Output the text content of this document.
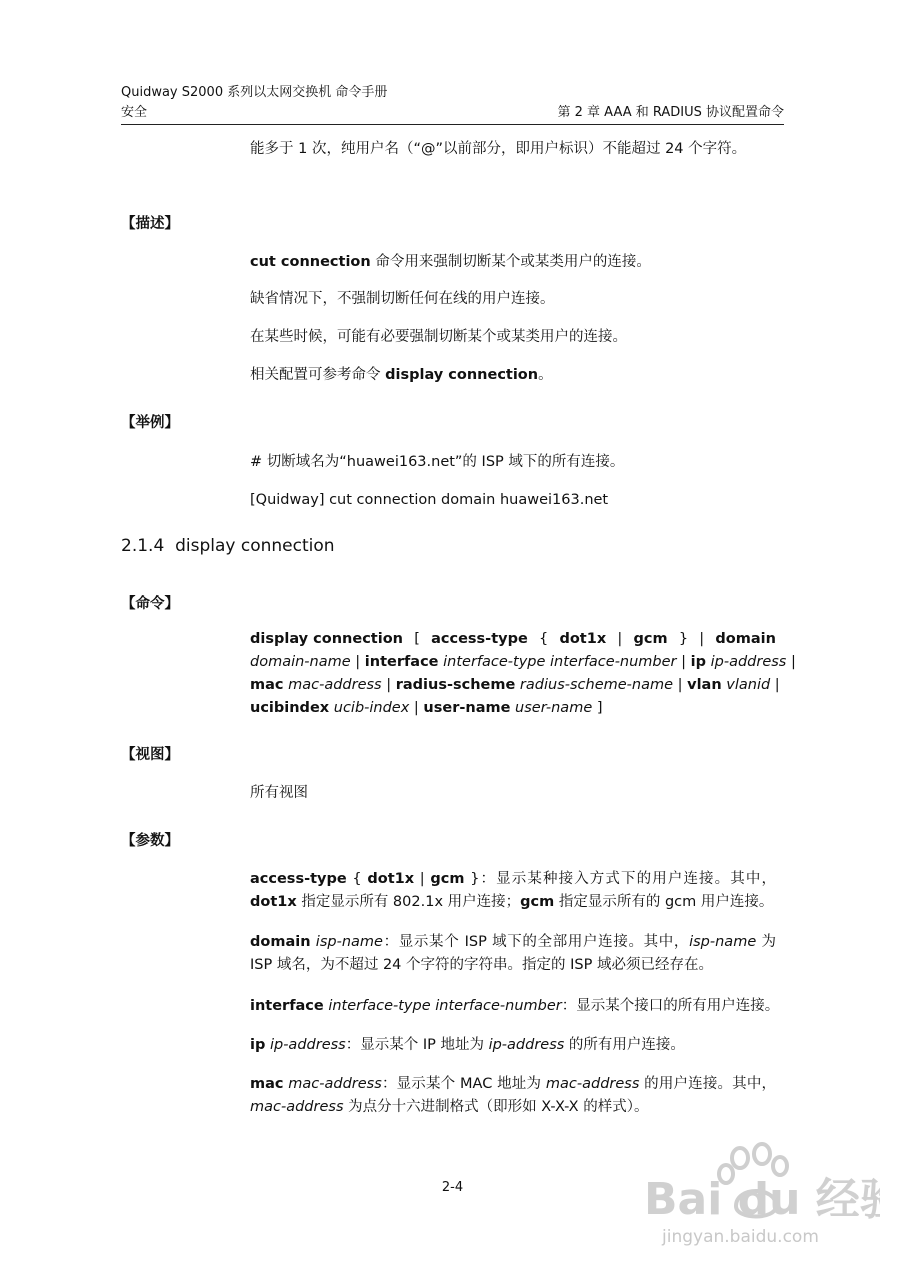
Quidway S2000 系列以太网交换机 命令手册
安全	第 2 章 AAA 和 RADIUS 协议配置命令
能多于 1 次，纯用户名（“@”以前部分，即用户标识）不能超过 24 个字符。
【描述】
cut connection 命令用来强制切断某个或某类用户的连接。
缺省情况下，不强制切断任何在线的用户连接。
在某些时候，可能有必要强制切断某个或某类用户的连接。
相关配置可参考命令 display connection。
【举例】
# 切断域名为“huawei163.net”的 ISP 域下的所有连接。
[Quidway] cut connection domain huawei163.net
2.1.4 display connection
【命令】
display connection [ access-type { dot1x | gcm } | domain
domain-name | interface interface-type interface-number | ip ip-address |
mac mac-address | radius-scheme radius-scheme-name | vlan vlanid |
ucibindex ucib-index | user-name user-name ]
【视图】
所有视图
【参数】
access-type { dot1x | gcm }：显示某种接入方式下的用户连接。其中，dot1x 指定显示所有 802.1x 用户连接；gcm 指定显示所有的 gcm 用户连接。
domain isp-name：显示某个 ISP 域下的全部用户连接。其中，isp-name 为 ISP 域名，为不超过 24 个字符的字符串。指定的 ISP 域必须已经存在。
interface interface-type interface-number：显示某个接口的所有用户连接。
ip ip-address：显示某个 IP 地址为 ip-address 的所有用户连接。
mac mac-address：显示某个 MAC 地址为 mac-address 的用户连接。其中，mac-address 为点分十六进制格式（即形如 X-X-X 的样式）。
2-4	Bai du 经验
jingyan.baidu.com
